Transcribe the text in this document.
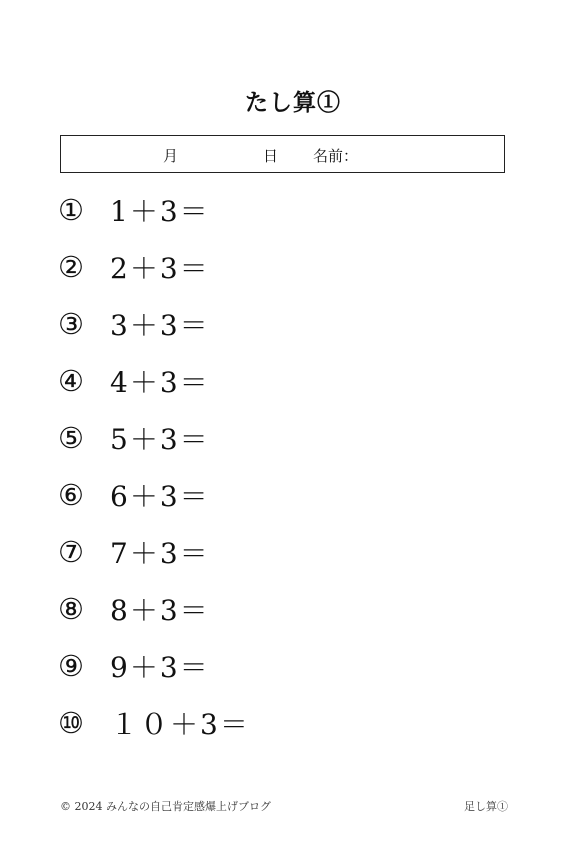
たし算①
月	日 名前：
① 1＋3＝
② 2＋3＝
③ 3＋3＝
④ 4＋3＝
⑤ 5＋3＝
⑥ 6＋3＝
⑦ 7＋3＝
⑧ 8＋3＝
⑨ 9＋3＝
⑩ １０＋3＝
© 2024 みんなの自己肯定感爆上げブログ	足し算①
